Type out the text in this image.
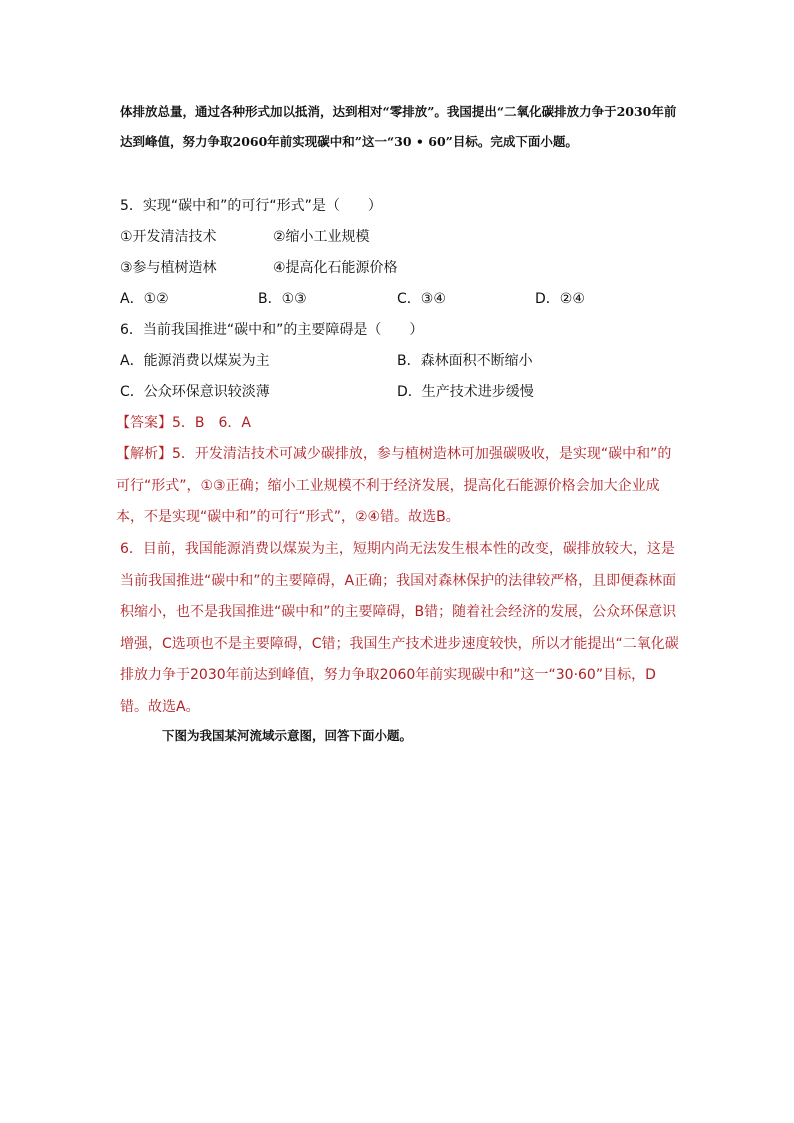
体排放总量，通过各种形式加以抵消，达到相对“零排放”。我国提出“二氧化碳排放力争于2030年前达到峰值，努力争取2060年前实现碳中和”这一“30 • 60”目标。完成下面小题。
5．实现“碳中和”的可行“形式”是（　　）
①开发清洁技术	②缩小工业规模
③参与植树造林	④提高化石能源价格
A．①②	B．①③	C．③④	D．②④
6．当前我国推进“碳中和”的主要障碍是（　　）
A．能源消费以煤炭为主	B．森林面积不断缩小
C．公众环保意识较淡薄	D．生产技术进步缓慢
【答案】5．B　6．A
【解析】5．开发清洁技术可减少碳排放，参与植树造林可加强碳吸收，是实现“碳中和”的可行“形式”，①③正确；缩小工业规模不利于经济发展，提高化石能源价格会加大企业成本，不是实现“碳中和”的可行“形式”，②④错。故选B。
6．目前，我国能源消费以煤炭为主，短期内尚无法发生根本性的改变，碳排放较大，这是当前我国推进“碳中和”的主要障碍，A正确；我国对森林保护的法律较严格，且即便森林面积缩小，也不是我国推进“碳中和”的主要障碍，B错；随着社会经济的发展，公众环保意识增强，C选项也不是主要障碍，C错；我国生产技术进步速度较快，所以才能提出“二氧化碳排放力争于2030年前达到峰值，努力争取2060年前实现碳中和”这一“30·60”目标，D错。故选A。
下图为我国某河流域示意图，回答下面小题。
